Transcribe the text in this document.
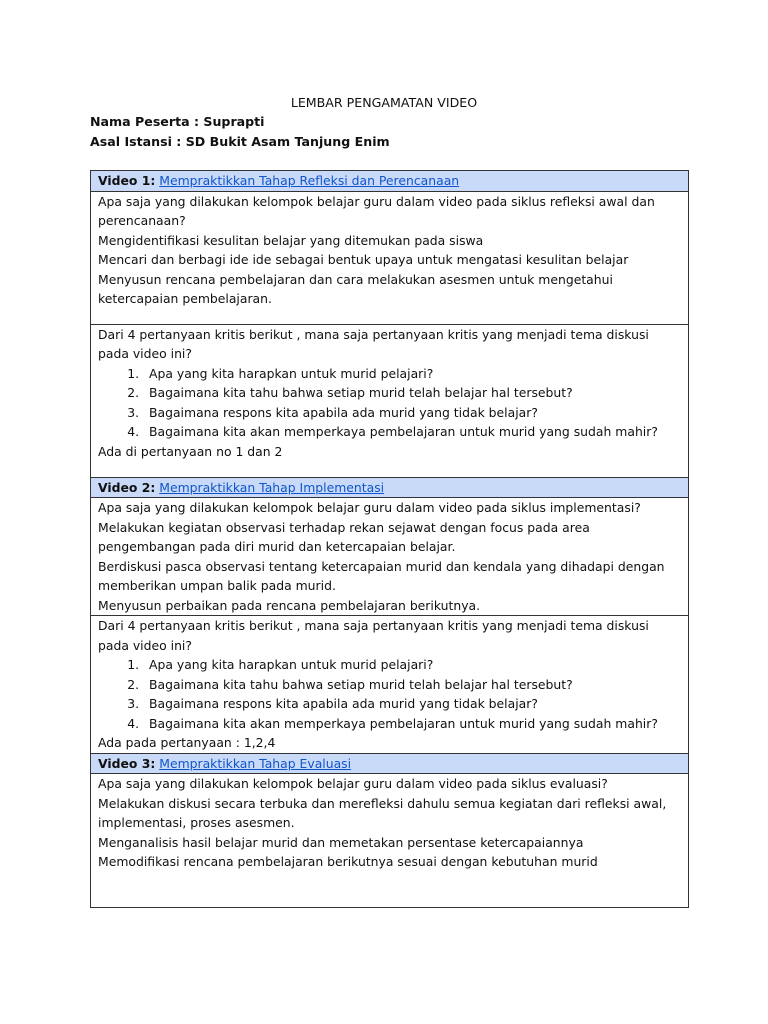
LEMBAR PENGAMATAN VIDEO
Nama Peserta : Suprapti
Asal Istansi : SD Bukit Asam Tanjung Enim
Video 1: Mempraktikkan Tahap Refleksi dan Perencanaan

Apa saja yang dilakukan kelompok belajar guru dalam video pada siklus refleksi awal dan perencanaan?

Mengidentifikasi kesulitan belajar yang ditemukan pada siswa

Mencari dan berbagi ide ide sebagai bentuk upaya untuk mengatasi kesulitan belajar

Menyusun rencana pembelajaran dan cara melakukan asesmen untuk mengetahui ketercapaian pembelajaran.

Dari 4 pertanyaan kritis berikut , mana saja pertanyaan kritis yang menjadi tema diskusi pada video ini?

1. Apa yang kita harapkan untuk murid pelajari?
2. Bagaimana kita tahu bahwa setiap murid telah belajar hal tersebut?
3. Bagaimana respons kita apabila ada murid yang tidak belajar?
4. Bagaimana kita akan memperkaya pembelajaran untuk murid yang sudah mahir?

Ada di pertanyaan no 1 dan 2

Video 2: Mempraktikkan Tahap Implementasi

Apa saja yang dilakukan kelompok belajar guru dalam video pada siklus implementasi?

Melakukan kegiatan observasi terhadap rekan sejawat dengan focus pada area pengembangan pada diri murid dan ketercapaian belajar.

Berdiskusi pasca observasi tentang ketercapaian murid dan kendala yang dihadapi dengan memberikan umpan balik pada murid.

Menyusun perbaikan pada rencana pembelajaran berikutnya.

Dari 4 pertanyaan kritis berikut , mana saja pertanyaan kritis yang menjadi tema diskusi pada video ini?

1. Apa yang kita harapkan untuk murid pelajari?
2. Bagaimana kita tahu bahwa setiap murid telah belajar hal tersebut?
3. Bagaimana respons kita apabila ada murid yang tidak belajar?
4. Bagaimana kita akan memperkaya pembelajaran untuk murid yang sudah mahir?

Ada pada pertanyaan : 1,2,4

Video 3: Mempraktikkan Tahap Evaluasi

Apa saja yang dilakukan kelompok belajar guru dalam video pada siklus evaluasi?

Melakukan diskusi secara terbuka dan merefleksi dahulu semua kegiatan dari refleksi awal, implementasi, proses asesmen.

Menganalisis hasil belajar murid dan memetakan persentase ketercapaiannya

Memodifikasi rencana pembelajaran berikutnya sesuai dengan kebutuhan murid
